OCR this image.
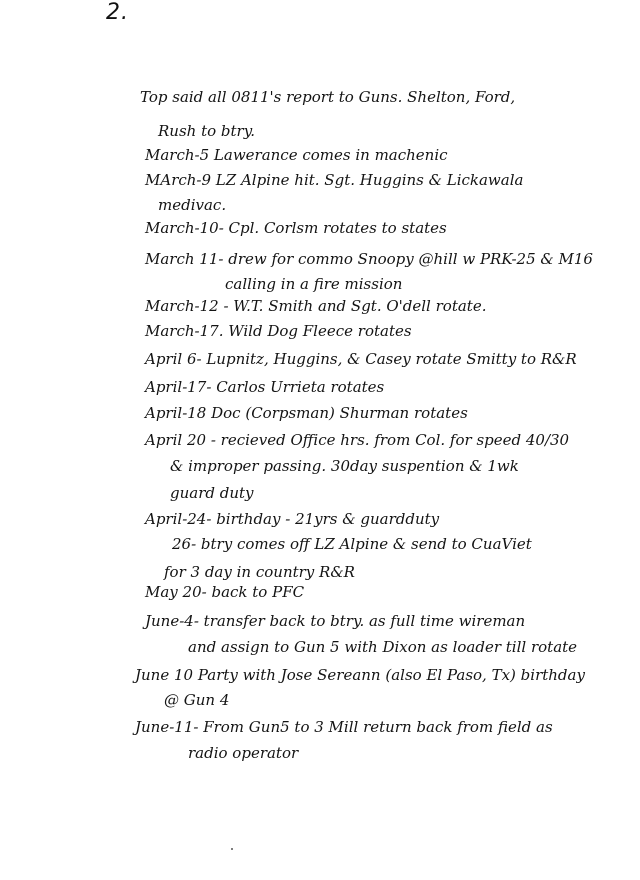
2.
Top said all 0811's report to Guns. Shelton, Ford,
Rush to btry.
March-5 Lawerance comes in machenic
MArch-9 LZ Alpine hit. Sgt. Huggins & Lickawala
medivac.
March-10- Cpl. Corlsm rotates to states
March 11- drew for commo Snoopy @hill w PRK-25 & M16
calling in a fire mission
March-12 - W.T. Smith and Sgt. O'dell rotate.
March-17. Wild Dog Fleece rotates
April 6- Lupnitz, Huggins, & Casey rotate Smitty to R&R
April-17- Carlos Urrieta rotates
April-18 Doc (Corpsman) Shurman rotates
April 20 - recieved Office hrs. from Col. for speed 40/30
& improper passing. 30day suspention & 1wk
guard duty
April-24- birthday - 21yrs & guardduty
26- btry comes off LZ Alpine & send to CuaViet
for 3 day in country R&R
May 20- back to PFC
June-4- transfer back to btry. as full time wireman
and assign to Gun 5 with Dixon as loader till rotate
June 10 Party with Jose Sereann (also El Paso, Tx) birthday
@ Gun 4
June-11- From Gun5 to 3 Mill return back from field as
radio operator
